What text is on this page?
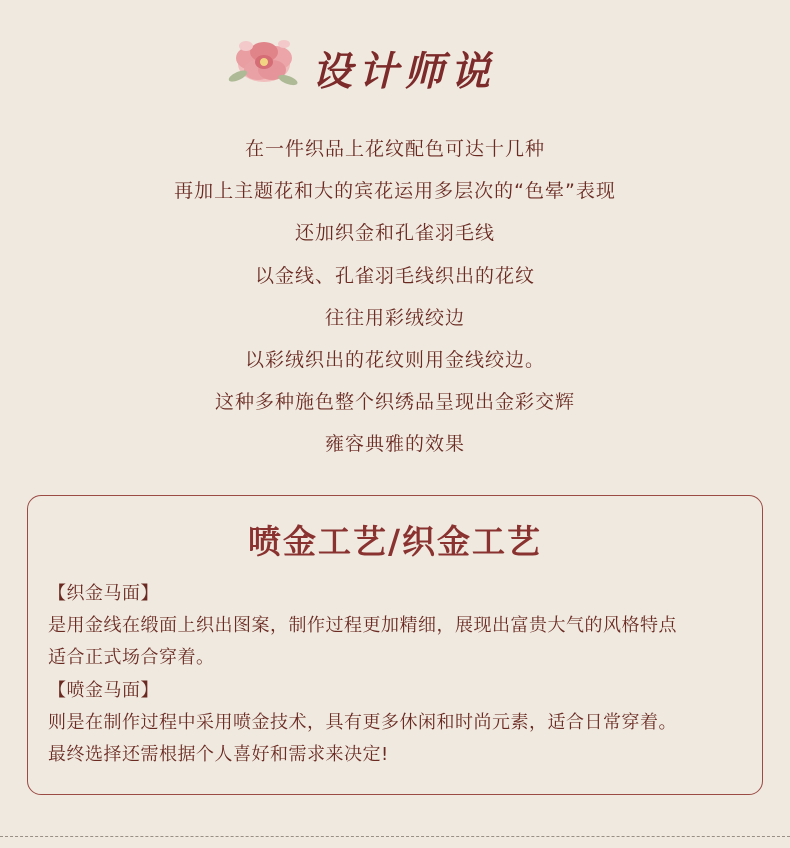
设计师说
在一件织品上花纹配色可达十几种
再加上主题花和大的宾花运用多层次的“色晕”表现
还加织金和孔雀羽毛线
以金线、孔雀羽毛线织出的花纹
往往用彩绒绞边
以彩绒织出的花纹则用金线绞边。
这种多种施色整个织绣品呈现出金彩交辉
雍容典雅的效果
喷金工艺/织金工艺
【织金马面】
是用金线在缎面上织出图案，制作过程更加精细，展现出富贵大气的风格特点
适合正式场合穿着。
【喷金马面】
则是在制作过程中采用喷金技术，具有更多休闲和时尚元素，适合日常穿着。
最终选择还需根据个人喜好和需求来决定!
